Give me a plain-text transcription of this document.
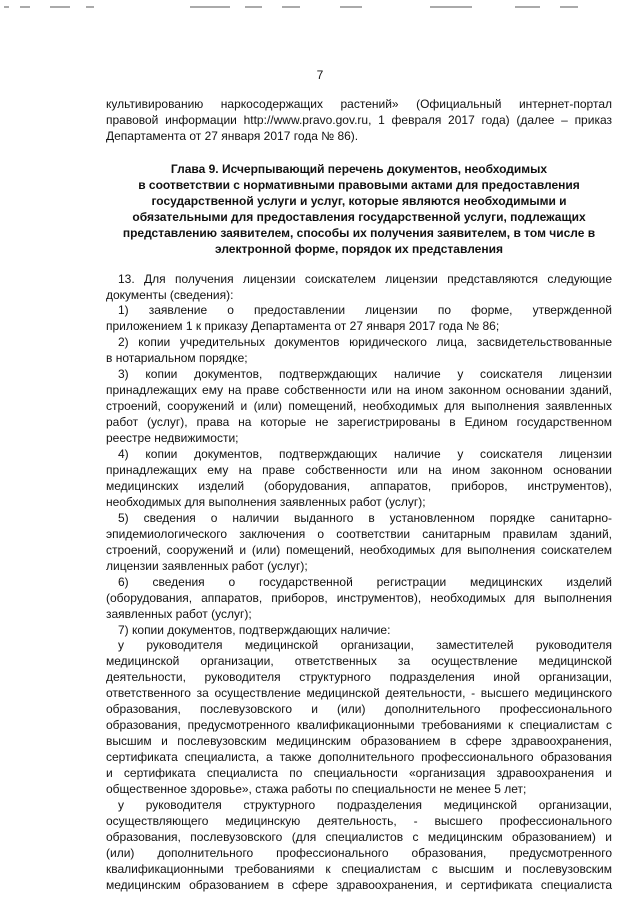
7
культивированию наркосодержащих растений» (Официальный интернет-портал
правовой информации http://www.pravo.gov.ru, 1 февраля 2017 года) (далее – приказ
Департамента от 27 января 2017 года № 86).
Глава 9. Исчерпывающий перечень документов, необходимых
в соответствии с нормативными правовыми актами для предоставления
государственной услуги и услуг, которые являются необходимыми и
обязательными для предоставления государственной услуги, подлежащих
представлению заявителем, способы их получения заявителем, в том числе в
электронной форме, порядок их представления
13. Для получения лицензии соискателем лицензии представляются следующие
документы (сведения):
1) заявление о предоставлении лицензии по форме, утвержденной
приложением 1 к приказу Департамента от 27 января 2017 года № 86;
2) копии учредительных документов юридического лица, засвидетельствованные
в нотариальном порядке;
3) копии документов, подтверждающих наличие у соискателя лицензии
принадлежащих ему на праве собственности или на ином законном основании зданий,
строений, сооружений и (или) помещений, необходимых для выполнения заявленных
работ (услуг), права на которые не зарегистрированы в Едином государственном
реестре недвижимости;
4) копии документов, подтверждающих наличие у соискателя лицензии
принадлежащих ему на праве собственности или на ином законном основании
медицинских изделий (оборудования, аппаратов, приборов, инструментов),
необходимых для выполнения заявленных работ (услуг);
5) сведения о наличии выданного в установленном порядке санитарно-
эпидемиологического заключения о соответствии санитарным правилам зданий,
строений, сооружений и (или) помещений, необходимых для выполнения соискателем
лицензии заявленных работ (услуг);
6) сведения о государственной регистрации медицинских изделий
(оборудования, аппаратов, приборов, инструментов), необходимых для выполнения
заявленных работ (услуг);
7) копии документов, подтверждающих наличие:
у руководителя медицинской организации, заместителей руководителя
медицинской организации, ответственных за осуществление медицинской
деятельности, руководителя структурного подразделения иной организации,
ответственного за осуществление медицинской деятельности, - высшего медицинского
образования, послевузовского и (или) дополнительного профессионального
образования, предусмотренного квалификационными требованиями к специалистам с
высшим и послевузовским медицинским образованием в сфере здравоохранения,
сертификата специалиста, а также дополнительного профессионального образования
и сертификата специалиста по специальности «организация здравоохранения и
общественное здоровье», стажа работы по специальности не менее 5 лет;
у руководителя структурного подразделения медицинской организации,
осуществляющего медицинскую деятельность, - высшего профессионального
образования, послевузовского (для специалистов с медицинским образованием) и
(или) дополнительного профессионального образования, предусмотренного
квалификационными требованиями к специалистам с высшим и послевузовским
медицинским образованием в сфере здравоохранения, и сертификата специалиста
